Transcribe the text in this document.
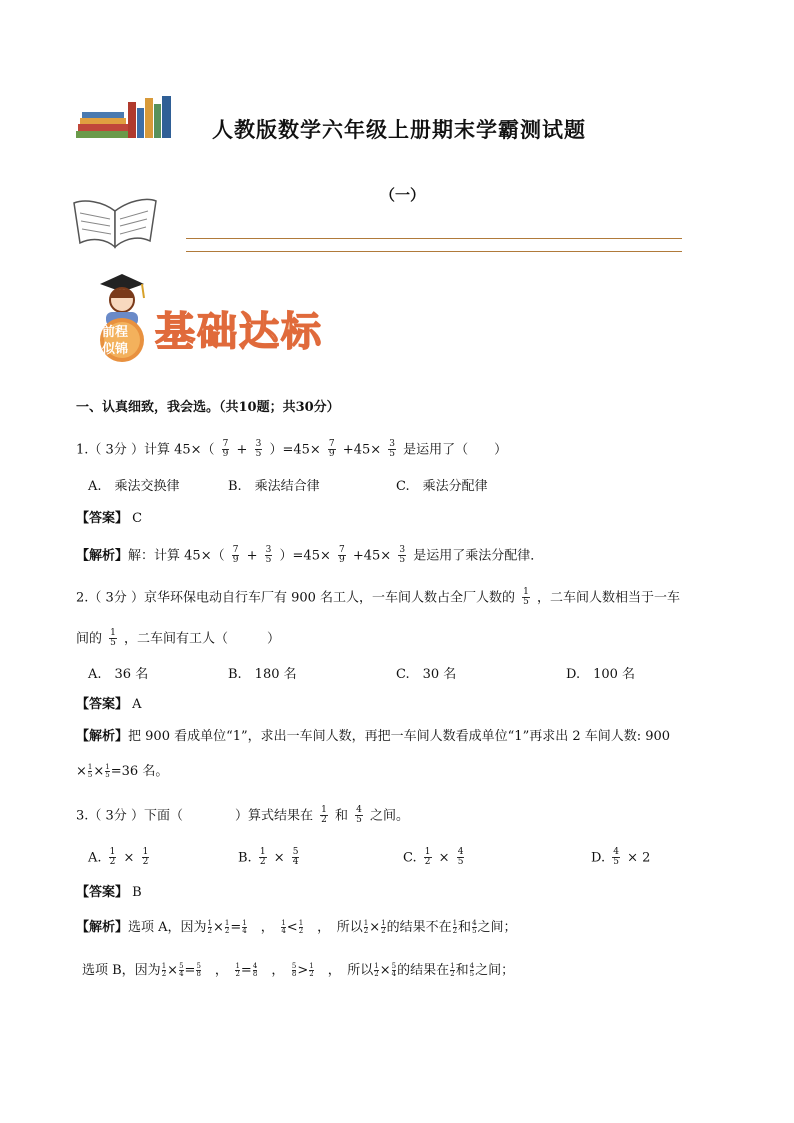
人教版数学六年级上册期末学霸测试题
（一）
前程
似锦 基础达标
一、认真细致，我会选。（共10题；共30分）
1.（ 3分 ）计算 $45\times( \frac{7}{9} + \frac{3}{5} )=45\times \frac{7}{9} +45\times \frac{3}{5}$ 是运用了（　　）
A.　乘法交换律	B.　乘法结合律	C.　乘法分配律
【答案】 C
【解析】解：计算 $45\times( \frac{7}{9} + \frac{3}{5} )=45\times \frac{7}{9} +45\times \frac{3}{5}$ 是运用了乘法分配律．
2.（ 3分 ）京华环保电动自行车厂有 900 名工人，一车间人数占全厂人数的 $\frac{1}{5}$ ，二车间人数相当于一车
间的 $\frac{1}{5}$ ，二车间有工人（　　　）
A.　36 名	B.　180 名	C.　30 名	D.　100 名
【答案】 A
【解析】把 900 看成单位“1”，求出一车间人数，再把一车间人数看成单位“1”再求出 2 车间人数: 900
× $\frac{1}{5} \times \frac{1}{5} =36$ 名。
3.（ 3分 ）下面（　　　　）算式结果在 $\frac{1}{2}$ 和 $\frac{4}{5}$ 之间。
A. $\frac{1}{2} \times \frac{1}{2}$	B. $\frac{1}{2} \times \frac{5}{4}$	C. $\frac{1}{2} \times \frac{4}{5}$	D. $\frac{4}{5} \times 2$
【答案】 B
【解析】选项 A，因为 $\frac{1}{2} \times \frac{1}{2} = \frac{1}{4}$
　 ，　 $\frac{1}{4} < \frac{1}{2}$
　 ，　 所以 $\frac{1}{2} \times \frac{1}{2}$ 的结果不在 $\frac{1}{2}$ 和 $\frac{4}{5}$ 之间；
选项 B，因为 $\frac{1}{2} \times \frac{5}{4} = \frac{5}{8}$
　 ，　 $\frac{1}{2} = \frac{4}{8}$
　 ，　 $\frac{5}{8} > \frac{1}{2}$
　 ，　 所以 $\frac{1}{2} \times \frac{5}{4}$ 的结果在 $\frac{1}{2}$ 和 $\frac{4}{5}$ 之间；
